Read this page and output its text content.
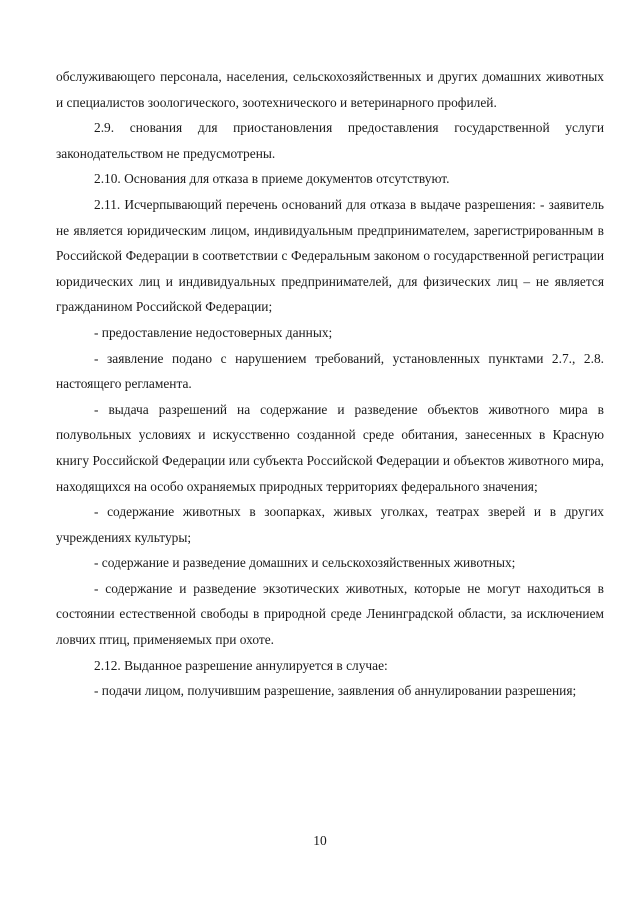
обслуживающего персонала, населения, сельскохозяйственных и других домашних животных и специалистов зоологического, зоотехнического и ветеринарного профилей.

2.9. снования для приостановления предоставления государственной услуги законодательством не предусмотрены.

2.10. Основания для отказа в приеме документов отсутствуют.

2.11. Исчерпывающий перечень оснований для отказа в выдаче разрешения: - заявитель не является юридическим лицом, индивидуальным предпринимателем, зарегистрированным в Российской Федерации в соответствии с Федеральным законом о государственной регистрации юридических лиц и индивидуальных предпринимателей, для физических лиц – не является гражданином Российской Федерации;

- предоставление недостоверных данных;

- заявление подано с нарушением требований, установленных пунктами 2.7., 2.8. настоящего регламента.

- выдача разрешений на содержание и разведение объектов животного мира в полувольных условиях и искусственно созданной среде обитания, занесенных в Красную книгу Российской Федерации или субъекта Российской Федерации и объектов животного мира, находящихся на особо охраняемых природных территориях федерального значения;

- содержание животных в зоопарках, живых уголках, театрах зверей и в других учреждениях культуры;

- содержание и разведение домашних и сельскохозяйственных животных;

- содержание и разведение экзотических животных, которые не могут находиться в состоянии естественной свободы в природной среде Ленинградской области, за исключением ловчих птиц, применяемых при охоте.

2.12. Выданное разрешение аннулируется в случае:

- подачи лицом, получившим разрешение, заявления об аннулировании разрешения;

10
